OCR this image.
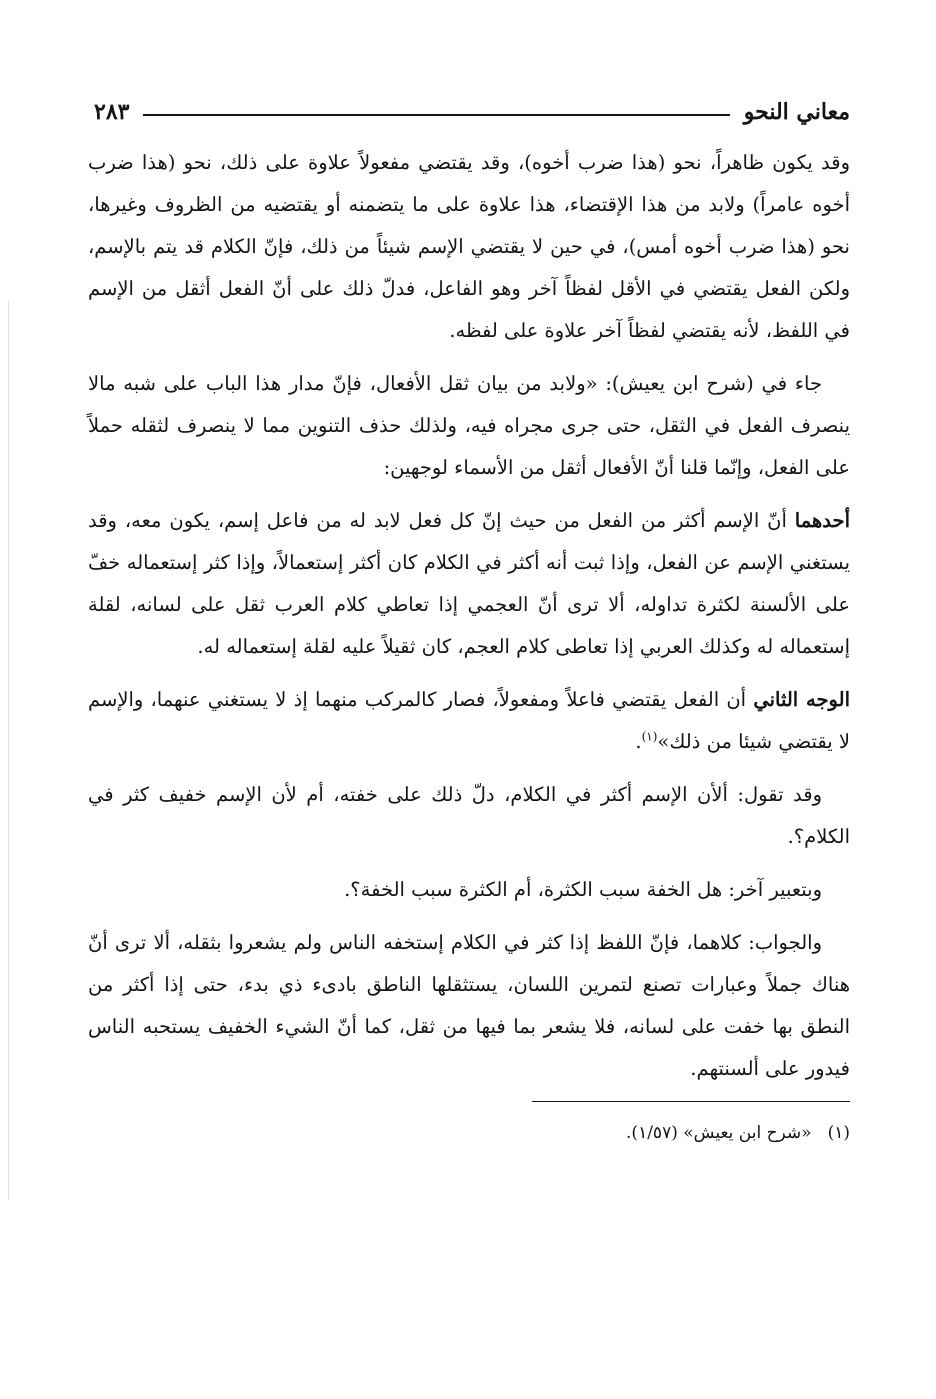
معاني النحو
٢٨٣

وقد يكون ظاهراً، نحو (هذا ضرب أخوه)، وقد يقتضي مفعولاً علاوة على ذلك، نحو (هذا ضرب أخوه عامراً) ولابد من هذا الإقتضاء، هذا علاوة على ما يتضمنه أو يقتضيه من الظروف وغيرها، نحو (هذا ضرب أخوه أمس)، في حين لا يقتضي الإسم شيئاً من ذلك، فإنّ الكلام قد يتم بالإسم، ولكن الفعل يقتضي في الأقل لفظاً آخر وهو الفاعل، فدلّ ذلك على أنّ الفعل أثقل من الإسم في اللفظ، لأنه يقتضي لفظاً آخر علاوة على لفظه.

جاء في (شرح ابن يعيش): «ولابد من بيان ثقل الأفعال، فإنّ مدار هذا الباب على شبه مالا ينصرف الفعل في الثقل، حتى جرى مجراه فيه، ولذلك حذف التنوين مما لا ينصرف لثقله حملاً على الفعل، وإنّما قلنا أنّ الأفعال أثقل من الأسماء لوجهين:

أحدهما أنّ الإسم أكثر من الفعل من حيث إنّ كل فعل لابد له من فاعل إسم، يكون معه، وقد يستغني الإسم عن الفعل، وإذا ثبت أنه أكثر في الكلام كان أكثر إستعمالاً، وإذا كثر إستعماله خفّ على الألسنة لكثرة تداوله، ألا ترى أنّ العجمي إذا تعاطي كلام العرب ثقل على لسانه، لقلة إستعماله له وكذلك العربي إذا تعاطى كلام العجم، كان ثقيلاً عليه لقلة إستعماله له.

الوجه الثاني أن الفعل يقتضي فاعلاً ومفعولاً، فصار كالمركب منهما إذ لا يستغني عنهما، والإسم لا يقتضي شيئا من ذلك»$^{(١)}$.

وقد تقول: ألأن الإسم أكثر في الكلام، دلّ ذلك على خفته، أم لأن الإسم خفيف كثر في الكلام؟.

وبتعبير آخر: هل الخفة سبب الكثرة، أم الكثرة سبب الخفة؟.

والجواب: كلاهما، فإنّ اللفظ إذا كثر في الكلام إستخفه الناس ولم يشعروا بثقله، ألا ترى أنّ هناك جملاً وعبارات تصنع لتمرين اللسان، يستثقلها الناطق بادىء ذي بدء، حتى إذا أكثر من النطق بها خفت على لسانه، فلا يشعر بما فيها من ثقل، كما أنّ الشيء الخفيف يستحبه الناس فيدور على ألسنتهم.

(١)
«شرح ابن يعيش» (١/٥٧).
